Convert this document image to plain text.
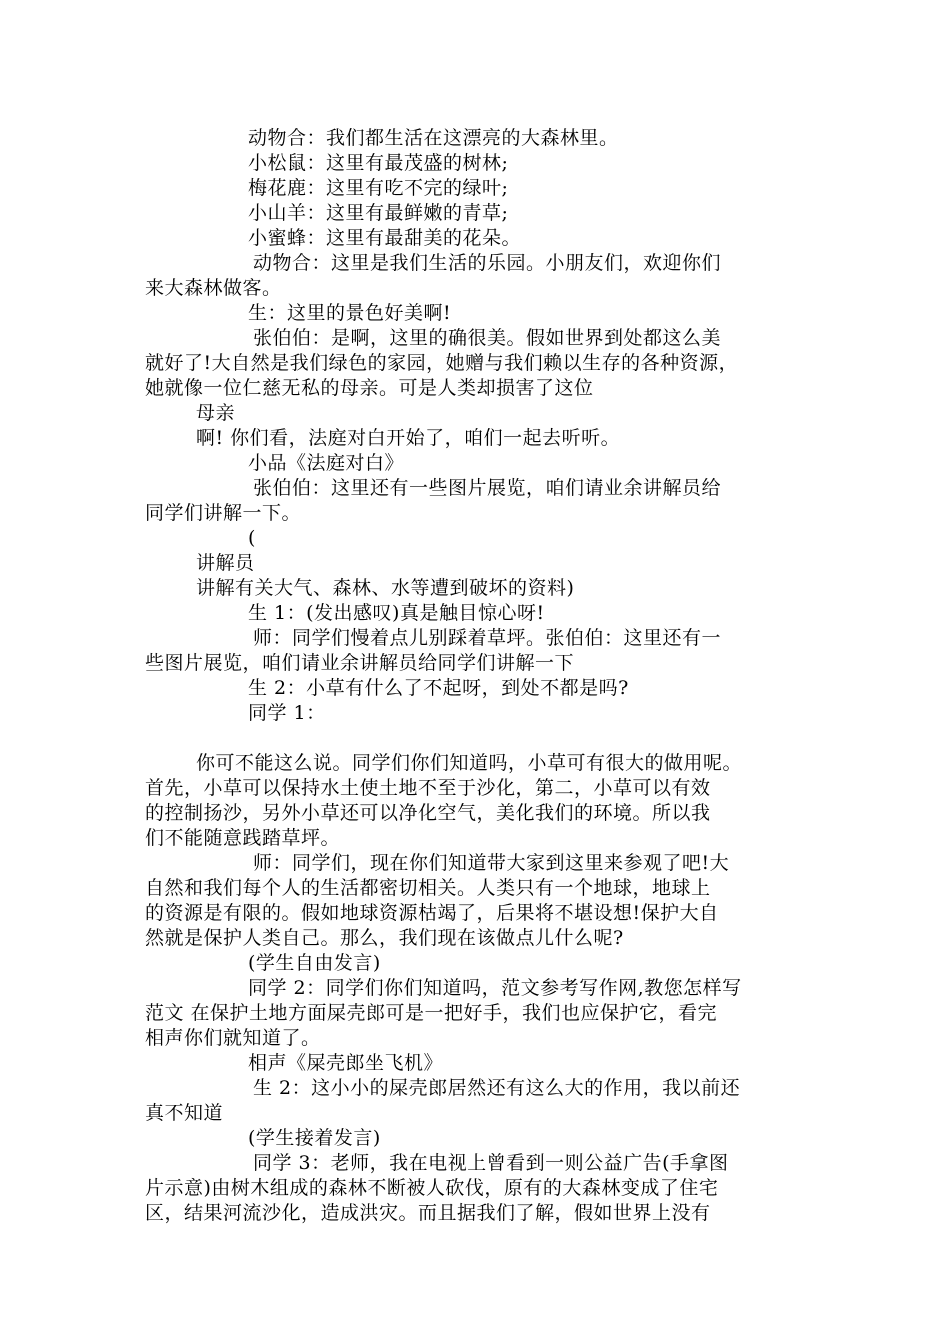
动物合：我们都生活在这漂亮的大森林里。
小松鼠：这里有最茂盛的树林;
梅花鹿：这里有吃不完的绿叶;
小山羊：这里有最鲜嫩的青草;
小蜜蜂：这里有最甜美的花朵。
动物合：这里是我们生活的乐园。小朋友们，欢迎你们
来大森林做客。
生：这里的景色好美啊!
张伯伯：是啊，这里的确很美。假如世界到处都这么美
就好了!大自然是我们绿色的家园，她赠与我们赖以生存的各种资源，
她就像一位仁慈无私的母亲。可是人类却损害了这位
母亲
啊! 你们看，法庭对白开始了，咱们一起去听听。
小品《法庭对白》
张伯伯：这里还有一些图片展览，咱们请业余讲解员给
同学们讲解一下。
(
讲解员
讲解有关大气、森林、水等遭到破坏的资料)
生 1：(发出感叹)真是触目惊心呀!
师：同学们慢着点儿别踩着草坪。张伯伯：这里还有一
些图片展览，咱们请业余讲解员给同学们讲解一下
生 2：小草有什么了不起呀，到处不都是吗?
同学 1：
你可不能这么说。同学们你们知道吗，小草可有很大的做用呢。
首先，小草可以保持水土使土地不至于沙化，第二，小草可以有效
的控制扬沙，另外小草还可以净化空气，美化我们的环境。所以我
们不能随意践踏草坪。
师：同学们，现在你们知道带大家到这里来参观了吧!大
自然和我们每个人的生活都密切相关。人类只有一个地球，地球上
的资源是有限的。假如地球资源枯竭了，后果将不堪设想!保护大自
然就是保护人类自己。那么，我们现在该做点儿什么呢?
(学生自由发言)
同学 2：同学们你们知道吗，范文参考写作网,教您怎样写
范文 在保护土地方面屎壳郎可是一把好手，我们也应保护它，看完
相声你们就知道了。
相声《屎壳郎坐飞机》
生 2：这小小的屎壳郎居然还有这么大的作用，我以前还
真不知道
(学生接着发言)
同学 3：老师，我在电视上曾看到一则公益广告(手拿图
片示意)由树木组成的森林不断被人砍伐，原有的大森林变成了住宅
区，结果河流沙化，造成洪灾。而且据我们了解，假如世界上没有
